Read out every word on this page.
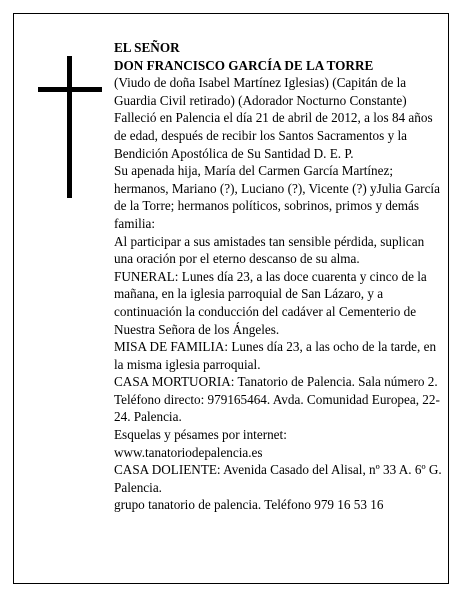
EL SEÑOR

DON FRANCISCO GARCÍA DE LA TORRE

(Viudo de doña Isabel Martínez Iglesias) (Capitán de la Guardia Civil retirado) (Adorador Nocturno Constante)

Falleció en Palencia el día 21 de abril de 2012, a los 84 años de edad, después de recibir los Santos Sacramentos y la Bendición Apostólica de Su Santidad D. E. P.

Su apenada hija, María del Carmen García Martínez; hermanos, Mariano (?), Luciano (?), Vicente (?) yJulia García de la Torre; hermanos políticos, sobrinos, primos y demás familia:

Al participar a sus amistades tan sensible pérdida, suplican una oración por el eterno descanso de su alma.

FUNERAL: Lunes día 23, a las doce cuarenta y cinco de la mañana, en la iglesia parroquial de San Lázaro, y a continuación la conducción del cadáver al Cementerio de Nuestra Señora de los Ángeles.

MISA DE FAMILIA: Lunes día 23, a las ocho de la tarde, en la misma iglesia parroquial.

CASA MORTUORIA: Tanatorio de Palencia. Sala número 2. Teléfono directo: 979165464. Avda. Comunidad Europea, 22-24. Palencia.

Esquelas y pésames por internet:

www.tanatoriodepalencia.es

CASA DOLIENTE: Avenida Casado del Alisal, nº 33 A. 6º G. Palencia.

grupo tanatorio de palencia. Teléfono 979 16 53 16
